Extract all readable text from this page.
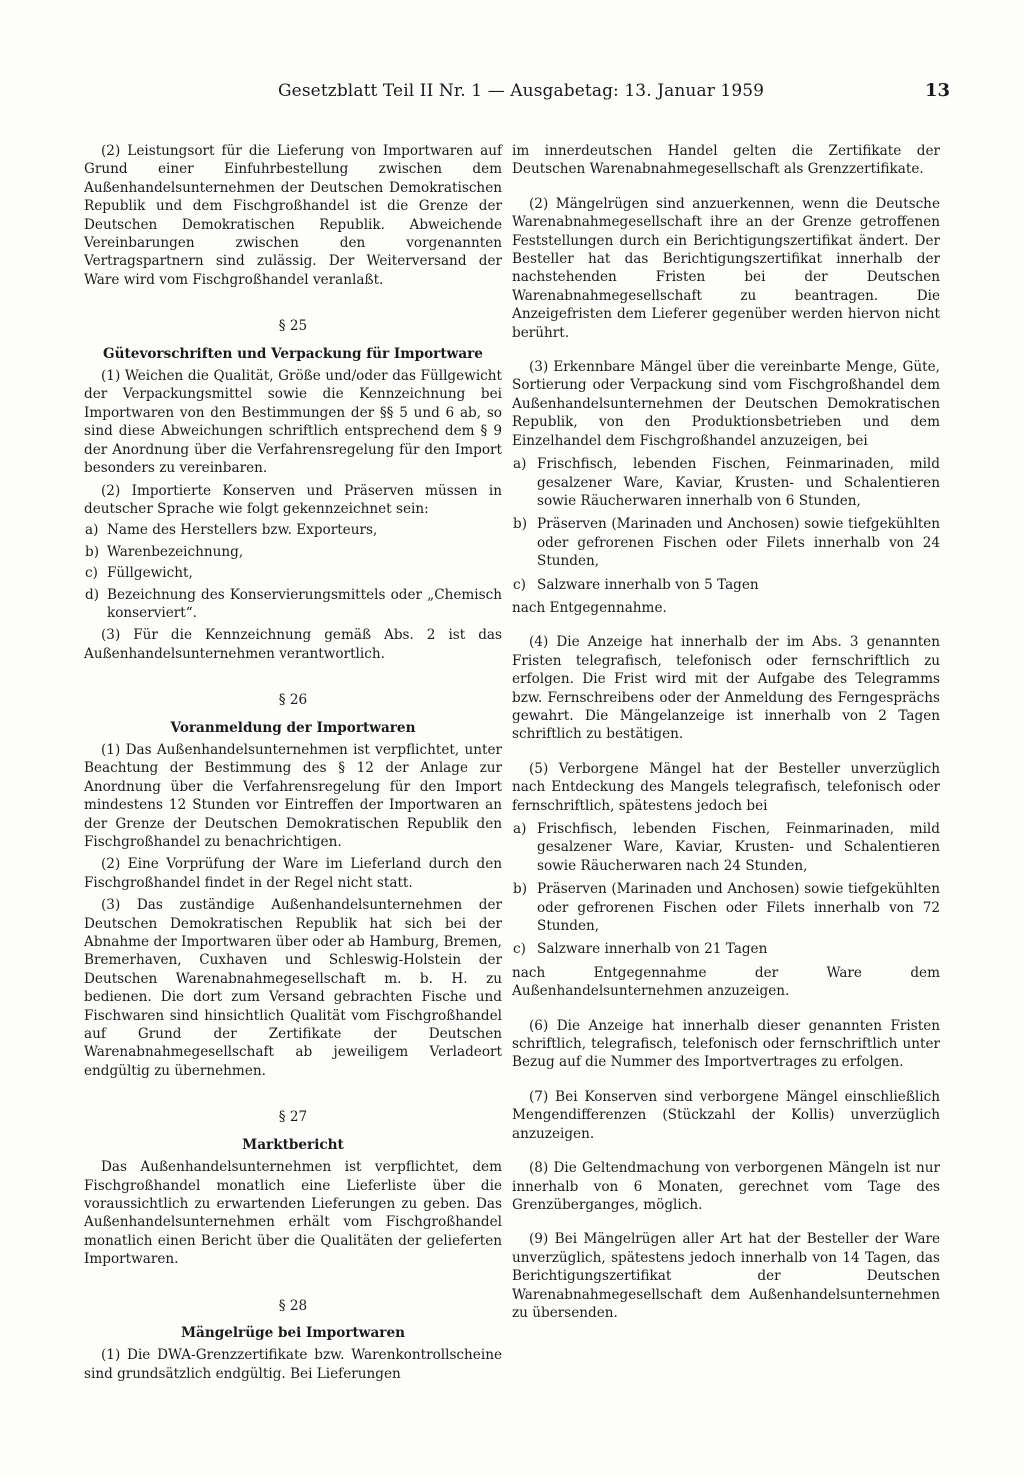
Gesetzblatt Teil II Nr. 1 — Ausgabetag: 13. Januar 1959	13

(2) Leistungsort für die Lieferung von Importwaren auf Grund einer Einfuhrbestellung zwischen dem Außenhandelsunternehmen der Deutschen Demokratischen Republik und dem Fischgroßhandel ist die Grenze der Deutschen Demokratischen Republik. Abweichende Vereinbarungen zwischen den vorgenannten Vertragspartnern sind zulässig. Der Weiterversand der Ware wird vom Fischgroßhandel veranlaßt.

§ 25

Gütevorschriften und Verpackung für Importware

(1) Weichen die Qualität, Größe und/oder das Füllgewicht der Verpackungsmittel sowie die Kennzeichnung bei Importwaren von den Bestimmungen der §§ 5 und 6 ab, so sind diese Abweichungen schriftlich entsprechend dem § 9 der Anordnung über die Verfahrensregelung für den Import besonders zu vereinbaren.

(2) Importierte Konserven und Präserven müssen in deutscher Sprache wie folgt gekennzeichnet sein:

a) Name des Herstellers bzw. Exporteurs,
b) Warenbezeichnung,
c) Füllgewicht,
d) Bezeichnung des Konservierungsmittels oder „Chemisch konserviert“.

(3) Für die Kennzeichnung gemäß Abs. 2 ist das Außenhandelsunternehmen verantwortlich.

§ 26

Voranmeldung der Importwaren

(1) Das Außenhandelsunternehmen ist verpflichtet, unter Beachtung der Bestimmung des § 12 der Anlage zur Anordnung über die Verfahrensregelung für den Import mindestens 12 Stunden vor Eintreffen der Importwaren an der Grenze der Deutschen Demokratischen Republik den Fischgroßhandel zu benachrichtigen.

(2) Eine Vorprüfung der Ware im Lieferland durch den Fischgroßhandel findet in der Regel nicht statt.

(3) Das zuständige Außenhandelsunternehmen der Deutschen Demokratischen Republik hat sich bei der Abnahme der Importwaren über oder ab Hamburg, Bremen, Bremerhaven, Cuxhaven und Schleswig-Holstein der Deutschen Warenabnahmegesellschaft m. b. H. zu bedienen. Die dort zum Versand gebrachten Fische und Fischwaren sind hinsichtlich Qualität vom Fischgroßhandel auf Grund der Zertifikate der Deutschen Warenabnahmegesellschaft ab jeweiligem Verladeort endgültig zu übernehmen.

§ 27

Marktbericht

Das Außenhandelsunternehmen ist verpflichtet, dem Fischgroßhandel monatlich eine Lieferliste über die voraussichtlich zu erwartenden Lieferungen zu geben. Das Außenhandelsunternehmen erhält vom Fischgroßhandel monatlich einen Bericht über die Qualitäten der gelieferten Importwaren.

§ 28

Mängelrüge bei Importwaren

(1) Die DWA-Grenzzertifikate bzw. Warenkontrollscheine sind grundsätzlich endgültig. Bei Lieferungen

im innerdeutschen Handel gelten die Zertifikate der Deutschen Warenabnahmegesellschaft als Grenzzertifikate.

(2) Mängelrügen sind anzuerkennen, wenn die Deutsche Warenabnahmegesellschaft ihre an der Grenze getroffenen Feststellungen durch ein Berichtigungszertifikat ändert. Der Besteller hat das Berichtigungszertifikat innerhalb der nachstehenden Fristen bei der Deutschen Warenabnahmegesellschaft zu beantragen. Die Anzeigefristen dem Lieferer gegenüber werden hiervon nicht berührt.

(3) Erkennbare Mängel über die vereinbarte Menge, Güte, Sortierung oder Verpackung sind vom Fischgroßhandel dem Außenhandelsunternehmen der Deutschen Demokratischen Republik, von den Produktionsbetrieben und dem Einzelhandel dem Fischgroßhandel anzuzeigen, bei

a) Frischfisch, lebenden Fischen, Feinmarinaden, mild gesalzener Ware, Kaviar, Krusten- und Schalentieren sowie Räucherwaren innerhalb von 6 Stunden,
b) Präserven (Marinaden und Anchosen) sowie tiefgekühlten oder gefrorenen Fischen oder Filets innerhalb von 24 Stunden,
c) Salzware innerhalb von 5 Tagen

nach Entgegennahme.

(4) Die Anzeige hat innerhalb der im Abs. 3 genannten Fristen telegrafisch, telefonisch oder fernschriftlich zu erfolgen. Die Frist wird mit der Aufgabe des Telegramms bzw. Fernschreibens oder der Anmeldung des Ferngesprächs gewahrt. Die Mängelanzeige ist innerhalb von 2 Tagen schriftlich zu bestätigen.

(5) Verborgene Mängel hat der Besteller unverzüglich nach Entdeckung des Mangels telegrafisch, telefonisch oder fernschriftlich, spätestens jedoch bei

a) Frischfisch, lebenden Fischen, Feinmarinaden, mild gesalzener Ware, Kaviar, Krusten- und Schalentieren sowie Räucherwaren nach 24 Stunden,
b) Präserven (Marinaden und Anchosen) sowie tiefgekühlten oder gefrorenen Fischen oder Filets innerhalb von 72 Stunden,
c) Salzware innerhalb von 21 Tagen

nach Entgegennahme der Ware dem Außenhandelsunternehmen anzuzeigen.

(6) Die Anzeige hat innerhalb dieser genannten Fristen schriftlich, telegrafisch, telefonisch oder fernschriftlich unter Bezug auf die Nummer des Importvertrages zu erfolgen.

(7) Bei Konserven sind verborgene Mängel einschließlich Mengendifferenzen (Stückzahl der Kollis) unverzüglich anzuzeigen.

(8) Die Geltendmachung von verborgenen Mängeln ist nur innerhalb von 6 Monaten, gerechnet vom Tage des Grenzüberganges, möglich.

(9) Bei Mängelrügen aller Art hat der Besteller der Ware unverzüglich, spätestens jedoch innerhalb von 14 Tagen, das Berichtigungszertifikat der Deutschen Warenabnahmegesellschaft dem Außenhandelsunternehmen zu übersenden.
